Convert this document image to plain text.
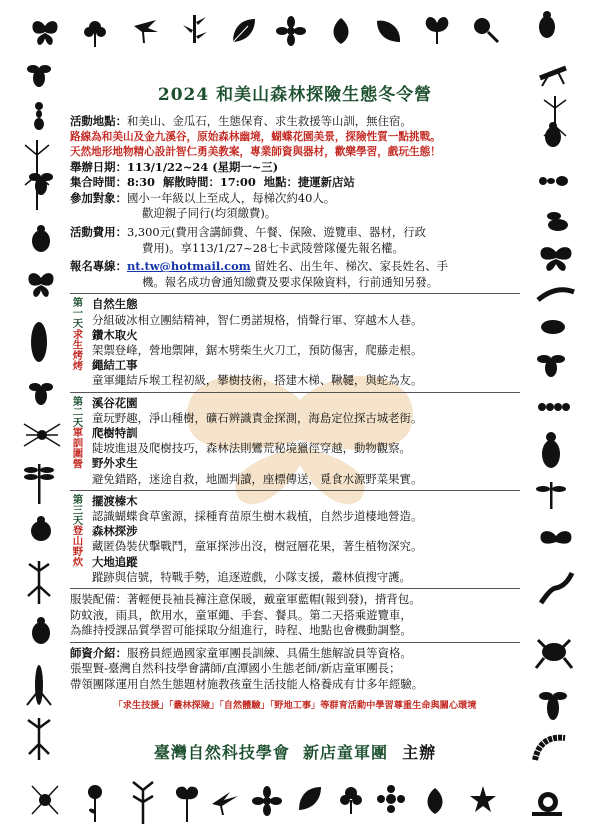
2024 和美山森林探險生態冬令營
活動地點： 和美山、金瓜石，生態保育、求生救援等山訓，無住宿。
路線為和美山及金九溪谷，原始森林幽境，蝴蝶花園美景，探險性質一點挑戰。
天然地形地物精心設計智仁勇美教案，專業師資與器材，歡樂學習，戲玩生態！
舉辦日期： 113/1/22~24 (星期一~三)
集合時間： 8:30  解散時間：17:00  地點：捷運新店站
參加對象： 國小一年級以上至成人，每梯次約40人。
歡迎親子同行(均須繳費)。
活動費用： 3,300元(費用含講師費、午餐、保險、遊覽車、器材，行政
費用)。享113/1/27~28七卡武陵營隊優先報名權。
報名專線： nt.tw@hotmail.com 留姓名、出生年、梯次、家長姓名、手
機。報名成功會通知繳費及要求保險資料，行前通知另發。
第一天
求生烤烤
自然生態
分組破冰相立團結精神，智仁勇諾規格，悄聲行軍、穿越木人巷。
鑽木取火
架禦登峰，營地禦陣，鋸木劈柴生火刀工，預防傷害，爬藤走根。
繩結工事
童軍繩結斥堠工程初級，攀樹技術，搭建木梯、鞦韆，與蛇為友。
第二天
軍訓圍營
溪谷花園
童玩野趣，淨山種樹，礦石辨識責金探測，海島定位探古城老街。
爬樹特訓
陡坡進退及爬樹技巧，森林法則鸞荒秘境獵徑穿越，動物觀察。
野外求生
避免錯路，迷途自救，地圖判讀，座標傳送，覓食水源野菜果實。
第三天
登山野炊
擺渡榛木
認識蝴蝶食草蜜源，採種育苗原生樹木栽植，自然步道棲地營造。
森林探涉
藏匿偽裝伏擊戰鬥，童軍探涉出沒，樹冠層花果，著生植物深究。
大地追蹤
蹤跡與信號，特戰手勢，追逐遊戲，小隊支援，叢林偵搜守護。
服裝配備：著輕便長袖長褲注意保暖，戴童軍藍帽(報到發)，揹背包。
防蚊液，雨具，飲用水，童軍繩、手套、餐具。第二天搭乘遊覽車，
為維持授課品質學習可能採取分組進行，時程、地點也會機動調整。
師資介紹：服務員經過國家童軍團長訓練、具備生態解說員等資格。
張聖賢-臺灣自然科技學會講師/直潭國小生態老師/新店童軍團長；
帶領團隊運用自然生態題材施教孩童生活技能人格養成有廿多年經驗。
「求生技援」「叢林探險」「自然體驗」「野地工事」等群育活動中學習尊重生命與關心環境
臺灣自然科技學會  新店童軍團 主辦
